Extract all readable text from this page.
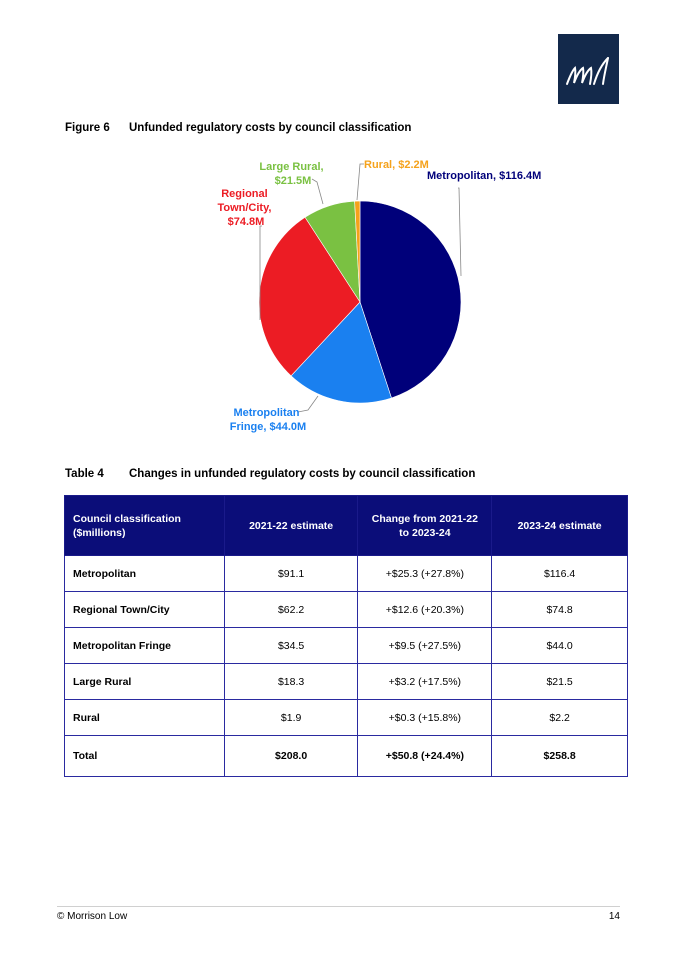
MorrisonLow
Figure 6 Unfunded regulatory costs by council classification
Metropolitan, $116.4M
Rural, $2.2M
Large Rural, $21.5M
Regional Town/City, $74.8M
Metropolitan Fringe, $44.0M
Table 4 Changes in unfunded regulatory costs by council classification
Council classification ($millions)	2021-22 estimate	Change from 2021-22 to 2023-24	2023-24 estimate
Metropolitan	$91.1	+$25.3 (+27.8%)	$116.4
Regional Town/City	$62.2	+$12.6 (+20.3%)	$74.8
Metropolitan Fringe	$34.5	+$9.5 (+27.5%)	$44.0
Large Rural	$18.3	+$3.2 (+17.5%)	$21.5
Rural	$1.9	+$0.3 (+15.8%)	$2.2
Total	$208.0	+$50.8 (+24.4%)	$258.8
© Morrison Low	14
